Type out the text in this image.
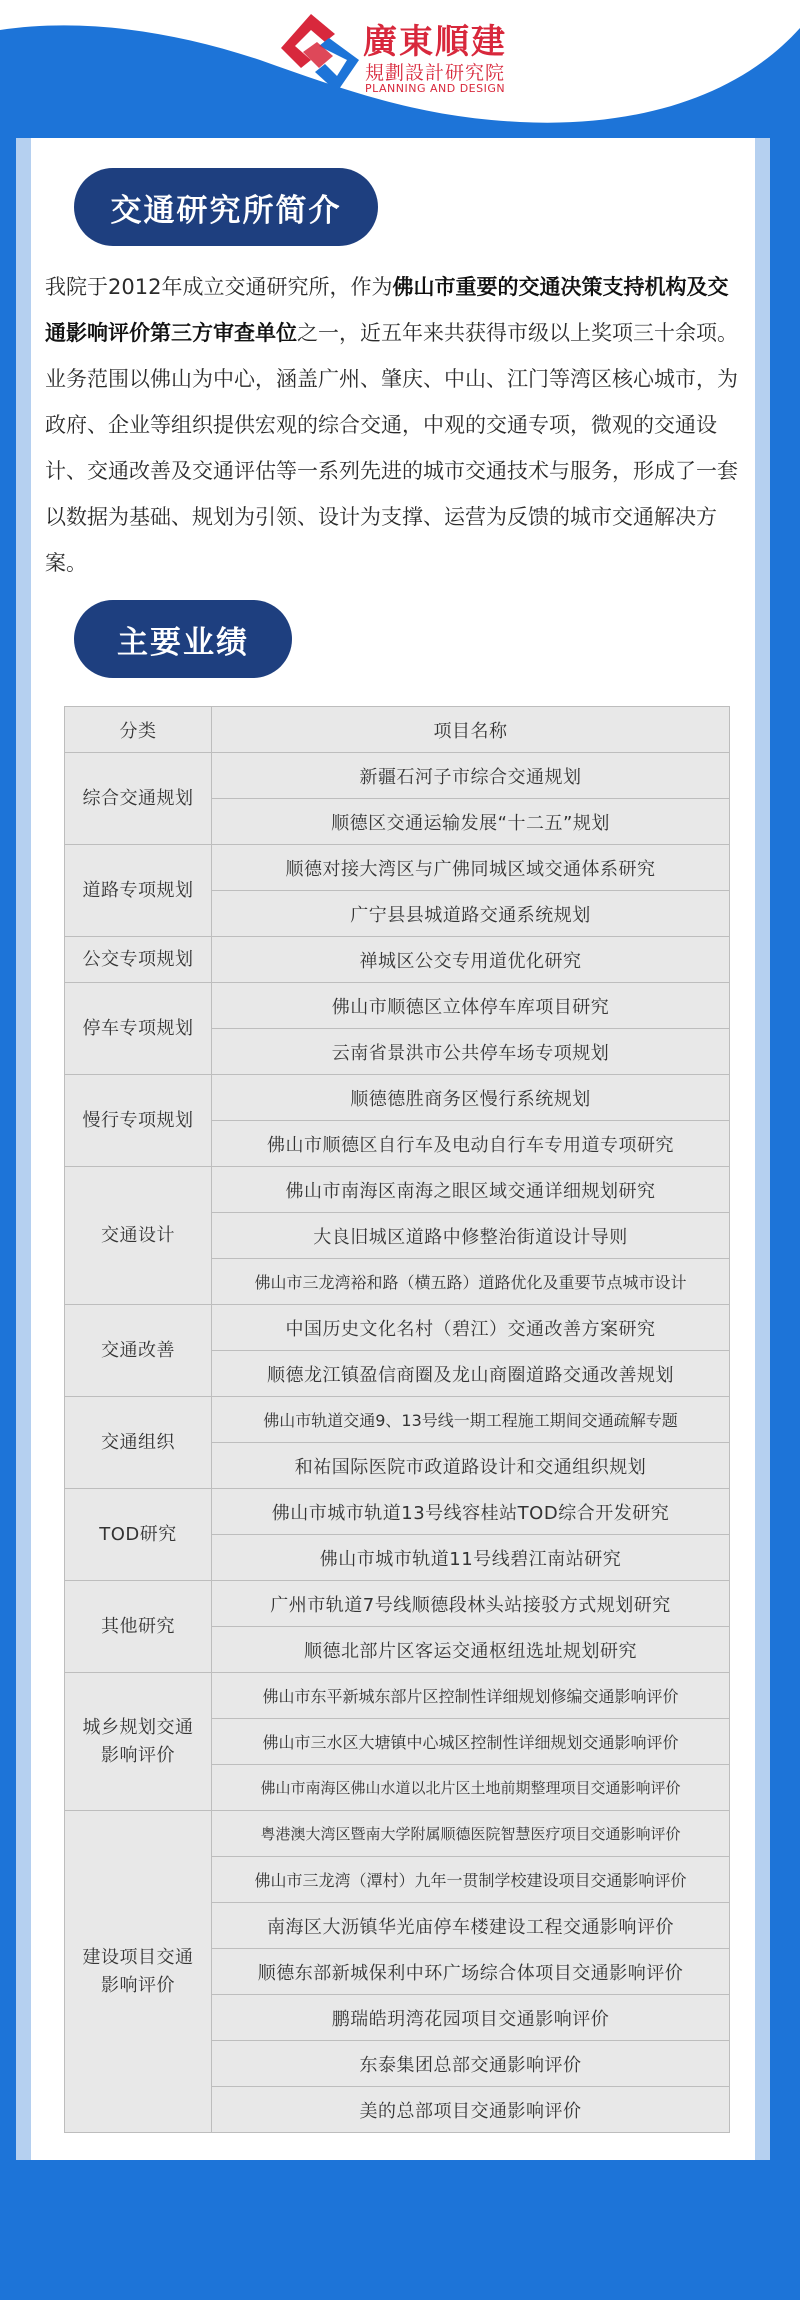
廣東順建
規劃設計研究院
PLANNING AND DESIGN
交通研究所简介

我院于2012年成立交通研究所，作为佛山市重要的交通决策支持机构及交通影响评价第三方审查单位之一，近五年来共获得市级以上奖项三十余项。业务范围以佛山为中心，涵盖广州、肇庆、中山、江门等湾区核心城市，为政府、企业等组织提供宏观的综合交通，中观的交通专项，微观的交通设计、交通改善及交通评估等一系列先进的城市交通技术与服务，形成了一套以数据为基础、规划为引领、设计为支撑、运营为反馈的城市交通解决方案。

主要业绩
分类	项目名称
综合交通规划	新疆石河子市综合交通规划
	顺德区交通运输发展“十二五”规划
道路专项规划	顺德对接大湾区与广佛同城区域交通体系研究
	广宁县县城道路交通系统规划
公交专项规划	禅城区公交专用道优化研究
停车专项规划	佛山市顺德区立体停车库项目研究
	云南省景洪市公共停车场专项规划
慢行专项规划	顺德德胜商务区慢行系统规划
	佛山市顺德区自行车及电动自行车专用道专项研究
交通设计	佛山市南海区南海之眼区域交通详细规划研究
	大良旧城区道路中修整治街道设计导则
	佛山市三龙湾裕和路（横五路）道路优化及重要节点城市设计
交通改善	中国历史文化名村（碧江）交通改善方案研究
	顺德龙江镇盈信商圈及龙山商圈道路交通改善规划
交通组织	佛山市轨道交通9、13号线一期工程施工期间交通疏解专题
	和祐国际医院市政道路设计和交通组织规划
TOD研究	佛山市城市轨道13号线容桂站TOD综合开发研究
	佛山市城市轨道11号线碧江南站研究
其他研究	广州市轨道7号线顺德段林头站接驳方式规划研究
	顺德北部片区客运交通枢纽选址规划研究
城乡规划交通影响评价	佛山市东平新城东部片区控制性详细规划修编交通影响评价
	佛山市三水区大塘镇中心城区控制性详细规划交通影响评价
	佛山市南海区佛山水道以北片区土地前期整理项目交通影响评价
建设项目交通影响评价	粤港澳大湾区暨南大学附属顺德医院智慧医疗项目交通影响评价
	佛山市三龙湾（潭村）九年一贯制学校建设项目交通影响评价
	南海区大沥镇华光庙停车楼建设工程交通影响评价
	顺德东部新城保利中环广场综合体项目交通影响评价
	鹏瑞皓玥湾花园项目交通影响评价
	东泰集团总部交通影响评价
	美的总部项目交通影响评价
